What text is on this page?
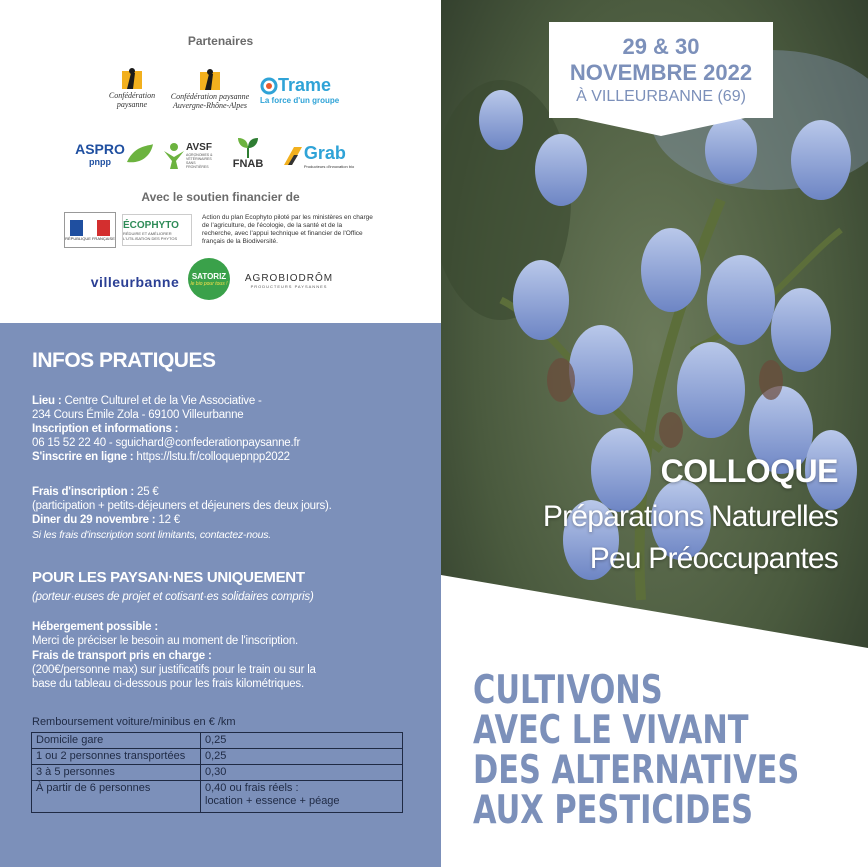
Partenaires
Confédération paysanne
Confédération paysanne Auvergne-Rhône-Alpes
Trame
La force d'un groupe
ASPRO
pnpp
AVSF
AGRONOMES & VÉTÉRINAIRES SANS FRONTIÈRES	FNAB
Grab
Producteurs d'innovation bio
Avec le soutien financier de
RÉPUBLIQUE FRANÇAISE
ÉCOPHYTO
RÉDUIRE ET AMÉLIORER L'UTILISATION DES PHYTOS
Action du plan Ecophyto piloté par les ministères en charge de l'agriculture, de l'écologie, de la santé et de la recherche, avec l'appui technique et financier de l'Office français de la Biodiversité.
villeurbanne SATORIZ
le bio pour tous ! AGROBIODRÔM
PRODUCTEURS PAYSANNES
INFOS PRATIQUES
Lieu : Centre Culturel et de la Vie Associative -
234 Cours Émile Zola - 69100 Villeurbanne
Inscription et informations :
06 15 52 22 40 - sguichard@confederationpaysanne.fr
S'inscrire en ligne : https://lstu.fr/colloquepnpp2022
Frais d'inscription : 25 €
(participation + petits-déjeuners et déjeuners des deux jours).
Diner du 29 novembre : 12 €
Si les frais d'inscription sont limitants, contactez-nous.
POUR LES PAYSAN·NES UNIQUEMENT
(porteur·euses de projet et cotisant·es solidaires compris)
Hébergement possible :
Merci de préciser le besoin au moment de l'inscription.
Frais de transport pris en charge :
(200€/personne max) sur justificatifs pour le train ou sur la
base du tableau ci-dessous pour les frais kilométriques.
Remboursement voiture/minibus en € /km
Domicile gare	0,25
1 ou 2 personnes transportées	0,25
3 à 5 personnes	0,30
À partir de 6 personnes	0,40 ou frais réels :
location + essence + péage
29 & 30
NOVEMBRE 2022
À VILLEURBANNE (69)
COLLOQUE
Préparations Naturelles
Peu Préoccupantes
CULTIVONS
AVEC LE VIVANT
DES ALTERNATIVES
AUX PESTICIDES
